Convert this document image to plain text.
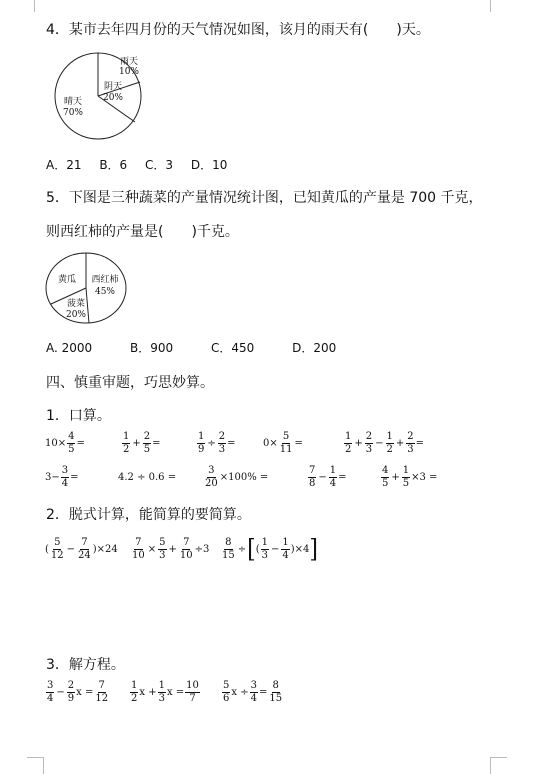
4．某市去年四月份的天气情况如图，该月的雨天有(　　)天。
雨天
10%
阴天
20%
晴天
70%
A．21 B．6 C．3 D．10
5．下图是三种蔬菜的产量情况统计图，已知黄瓜的产量是 700 千克，
则西红柿的产量是(　　)千克。
黄瓜 西红柿
45%
菠菜
20%
A. 2000	B．900	C．450	D．200
四、慎重审题，巧思妙算。
1．口算。
$10\times \frac{4}{5}$ =	$\frac{1}{2} + \frac{2}{5}$ =	$\frac{1}{9} \div \frac{2}{3}$ =	$0\times \frac{5}{11}$ =	$\frac{1}{2} + \frac{2}{3} - \frac{1}{2} + \frac{2}{3}$ =
$3- \frac{3}{4}$ =	4.2 ÷ 0.6 =	$\frac{3}{20} \times 100\%$ =	$\frac{7}{8} - \frac{1}{4}$ =	$\frac{4}{5} + \frac{1}{5} \times 3$ =
2．脱式计算，能简算的要简算。
( $\frac{5}{12} - \frac{7}{24} )\times 24 \frac{7}{10} \times \frac{5}{3} + \frac{7}{10} \div 3 \frac{8}{15}$ ÷ [ ( $\frac{1}{3} - \frac{1}{4} )\times 4$ ]
3．解方程。
$\frac{3}{4} - \frac{2}{9}$ $x = \frac{7}{12} \frac{1}{2}$ $x + \frac{1}{3}$ $x = \frac{10}{7} \frac{5}{6}$ $x \div \frac{3}{4} = \frac{8}{15}$
